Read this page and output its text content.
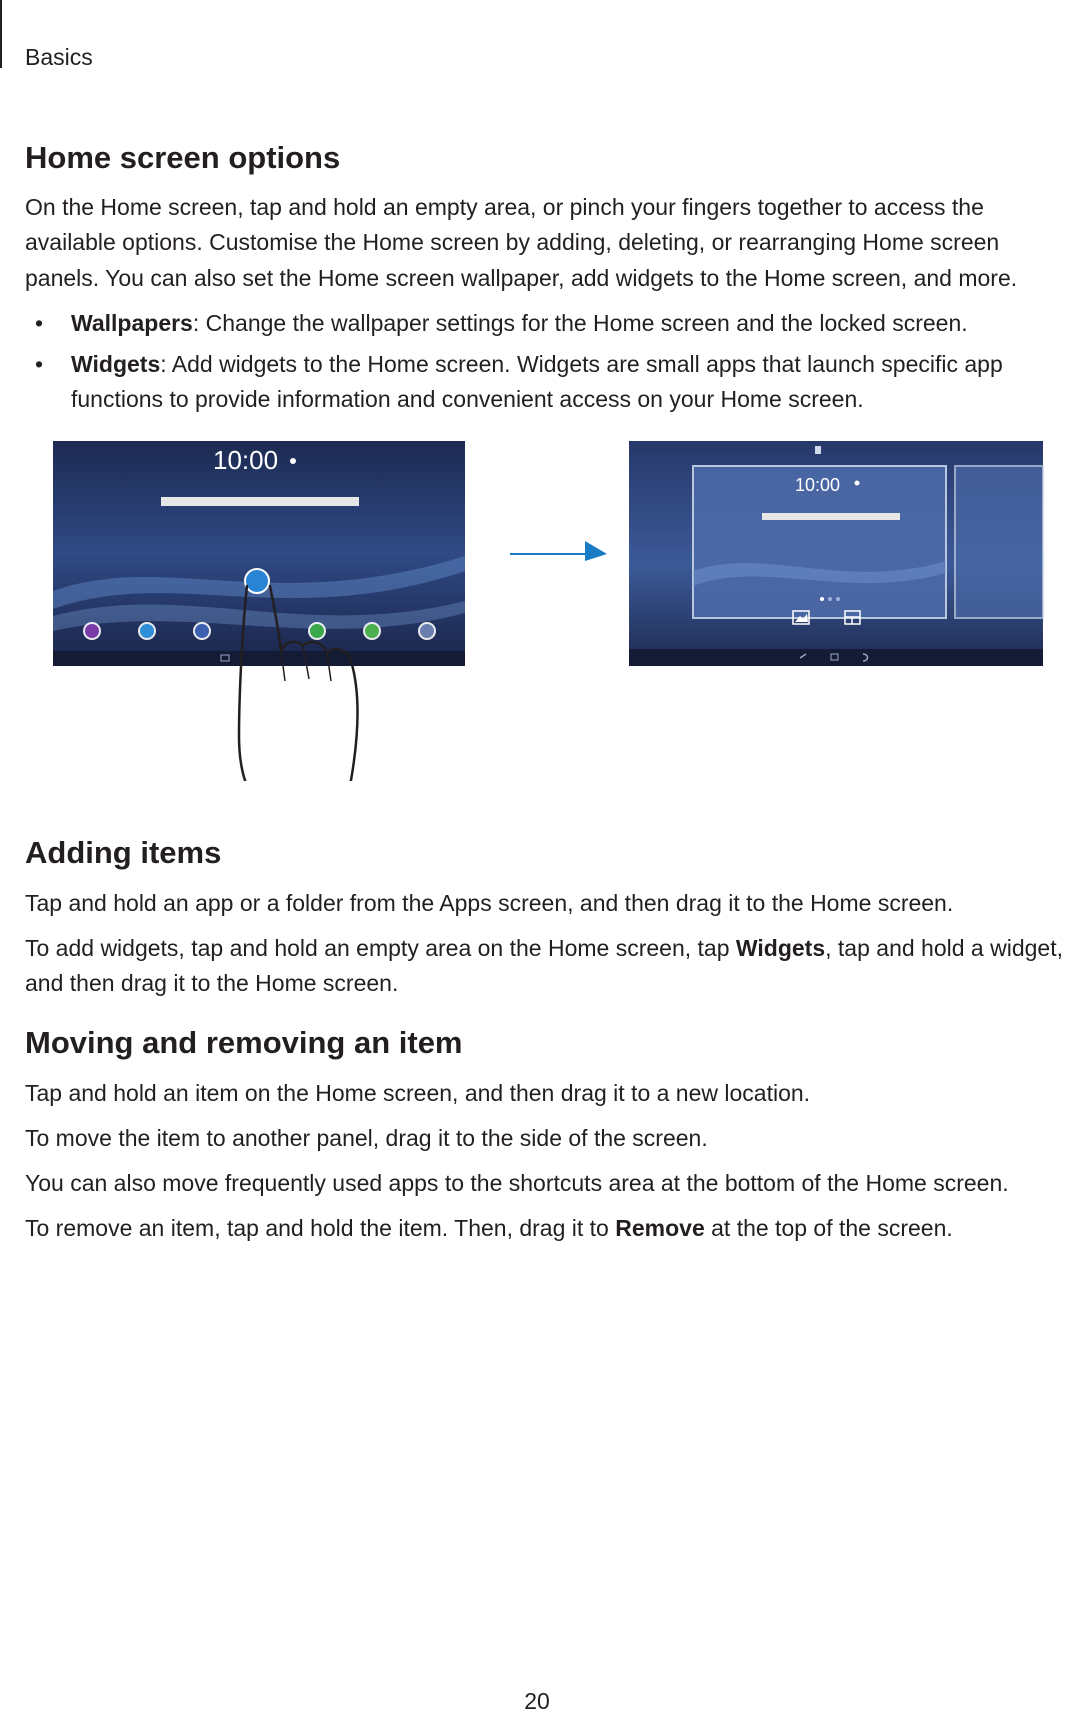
Basics
Home screen options

On the Home screen, tap and hold an empty area, or pinch your fingers together to access the available options. Customise the Home screen by adding, deleting, or rearranging Home screen panels. You can also set the Home screen wallpaper, add widgets to the Home screen, and more.

• Wallpapers: Change the wallpaper settings for the Home screen and the locked screen.
• Widgets: Add widgets to the Home screen. Widgets are small apps that launch specific app functions to provide information and convenient access on your Home screen.
10:00
10:00
Adding items

Tap and hold an app or a folder from the Apps screen, and then drag it to the Home screen.

To add widgets, tap and hold an empty area on the Home screen, tap Widgets, tap and hold a widget, and then drag it to the Home screen.

Moving and removing an item

Tap and hold an item on the Home screen, and then drag it to a new location.

To move the item to another panel, drag it to the side of the screen.

You can also move frequently used apps to the shortcuts area at the bottom of the Home screen.

To remove an item, tap and hold the item. Then, drag it to Remove at the top of the screen.

20
